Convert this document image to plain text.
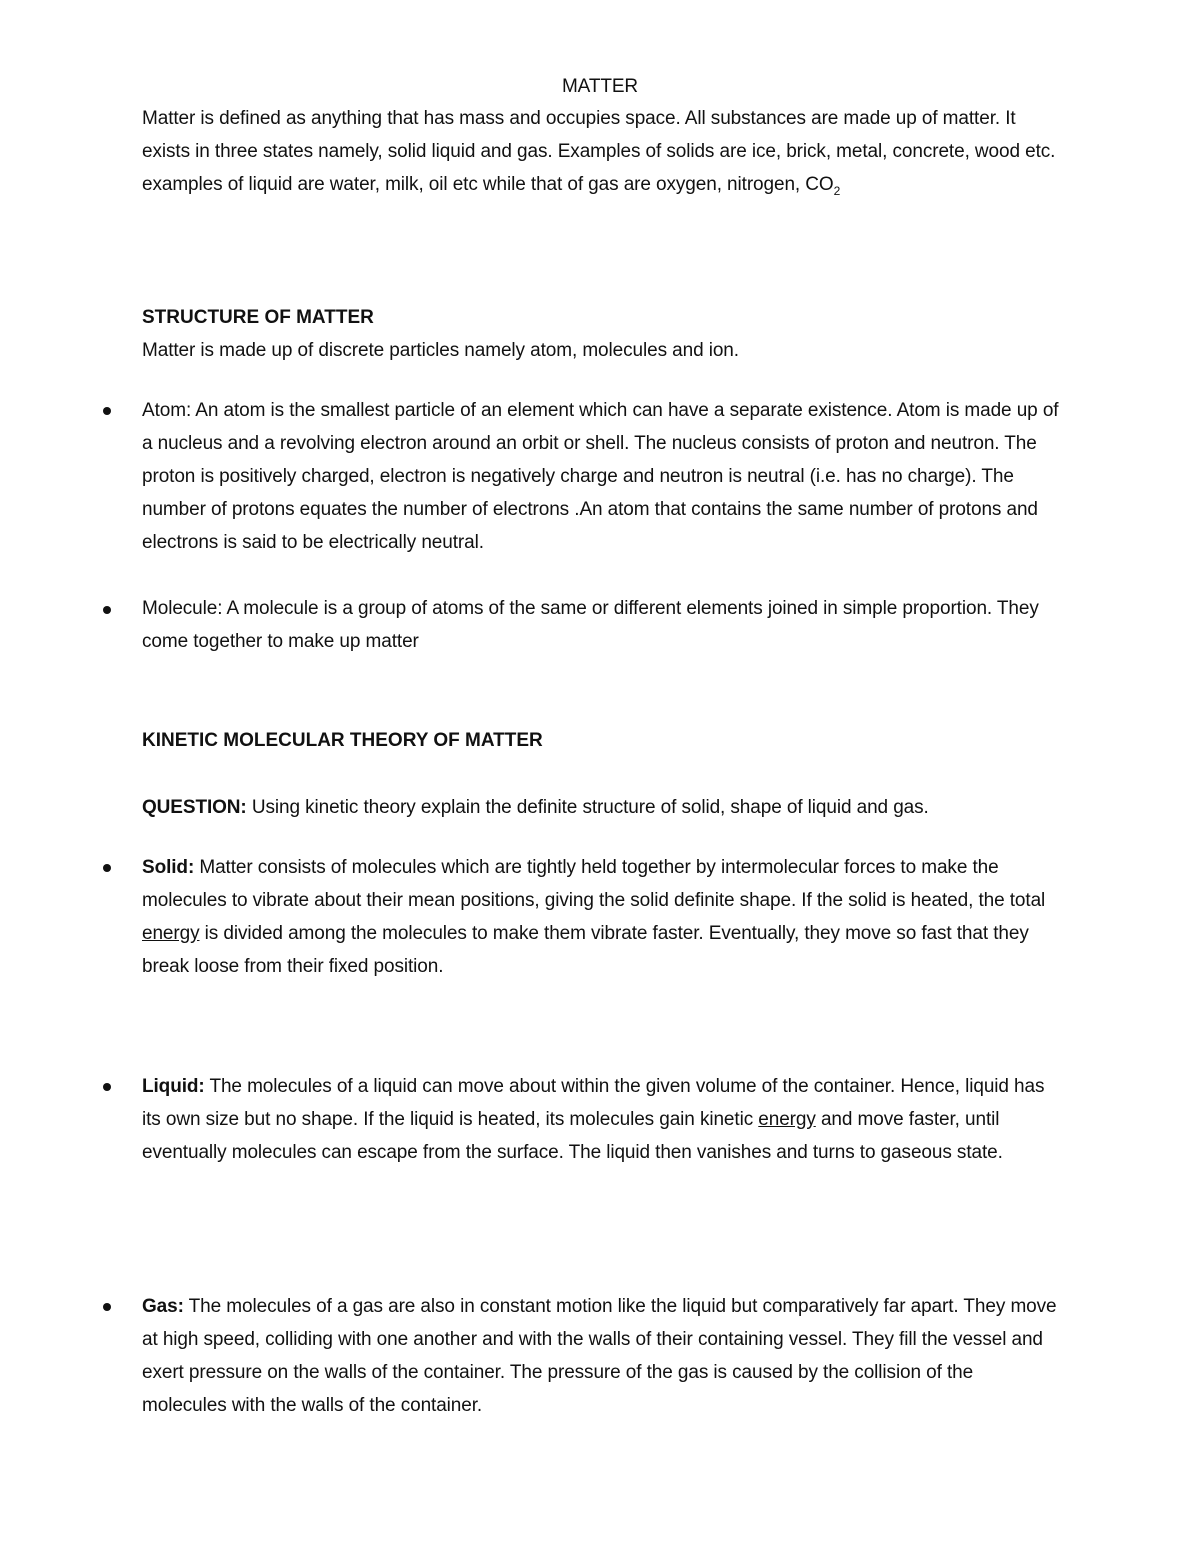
MATTER
Matter is defined as anything that has mass and occupies space. All substances are made up of matter. It exists in three states namely, solid liquid and gas. Examples of solids are ice, brick, metal, concrete, wood etc. examples of liquid are water, milk, oil etc while that of gas are oxygen, nitrogen, $CO_2$
STRUCTURE OF MATTER
Matter is made up of discrete particles namely atom, molecules and ion.
Atom: An atom is the smallest particle of an element which can have a separate existence. Atom is made up of a nucleus and a revolving electron around an orbit or shell. The nucleus consists of proton and neutron. The proton is positively charged, electron is negatively charge and neutron is neutral (i.e. has no charge). The number of protons equates the number of electrons .An atom that contains the same number of protons and electrons is said to be electrically neutral.
Molecule: A molecule is a group of atoms of the same or different elements joined in simple proportion. They come together to make up matter
KINETIC MOLECULAR THEORY OF MATTER
QUESTION: Using kinetic theory explain the definite structure of solid, shape of liquid and gas.
Solid: Matter consists of molecules which are tightly held together by intermolecular forces to make the molecules to vibrate about their mean positions, giving the solid definite shape. If the solid is heated, the total energy is divided among the molecules to make them vibrate faster. Eventually, they move so fast that they break loose from their fixed position.
Liquid: The molecules of a liquid can move about within the given volume of the container. Hence, liquid has its own size but no shape. If the liquid is heated, its molecules gain kinetic energy and move faster, until eventually molecules can escape from the surface. The liquid then vanishes and turns to gaseous state.
Gas: The molecules of a gas are also in constant motion like the liquid but comparatively far apart. They move at high speed, colliding with one another and with the walls of their containing vessel. They fill the vessel and exert pressure on the walls of the container. The pressure of the gas is caused by the collision of the molecules with the walls of the container.
